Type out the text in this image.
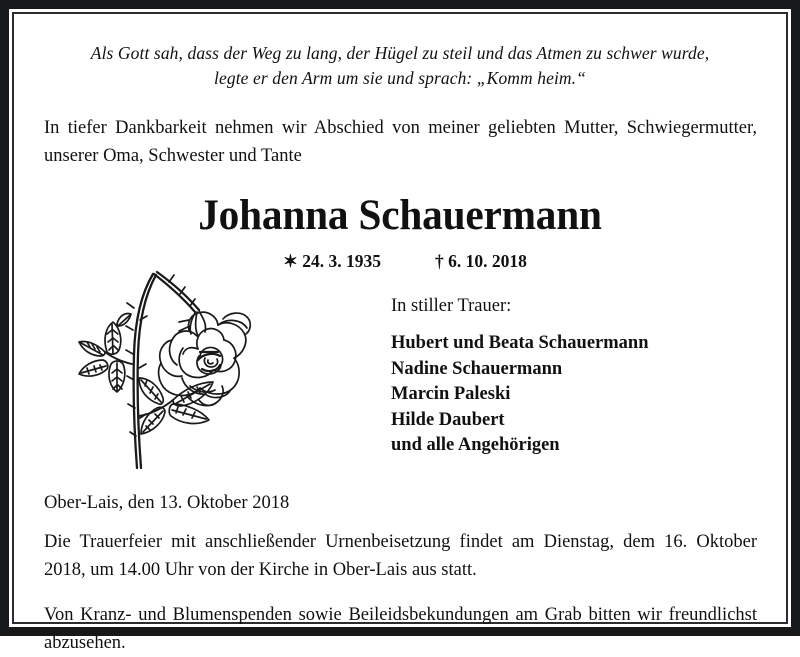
Als Gott sah, dass der Weg zu lang, der Hügel zu steil und das Atmen zu schwer wurde,
legte er den Arm um sie und sprach: „Komm heim.“
In tiefer Dankbarkeit nehmen wir Abschied von meiner geliebten Mutter, Schwiegermutter, unserer Oma, Schwester und Tante
Johanna Schauermann
✶ 24. 3. 1935	† 6. 10. 2018
In stiller Trauer:
Hubert und Beata Schauermann
Nadine Schauermann
Marcin Paleski
Hilde Daubert
und alle Angehörigen
Ober-Lais, den 13. Oktober 2018
Die Trauerfeier mit anschließender Urnenbeisetzung findet am Dienstag, dem 16. Oktober 2018, um 14.00 Uhr von der Kirche in Ober-Lais aus statt.
Von Kranz- und Blumenspenden sowie Beileidsbekundungen am Grab bitten wir freundlichst abzusehen.
